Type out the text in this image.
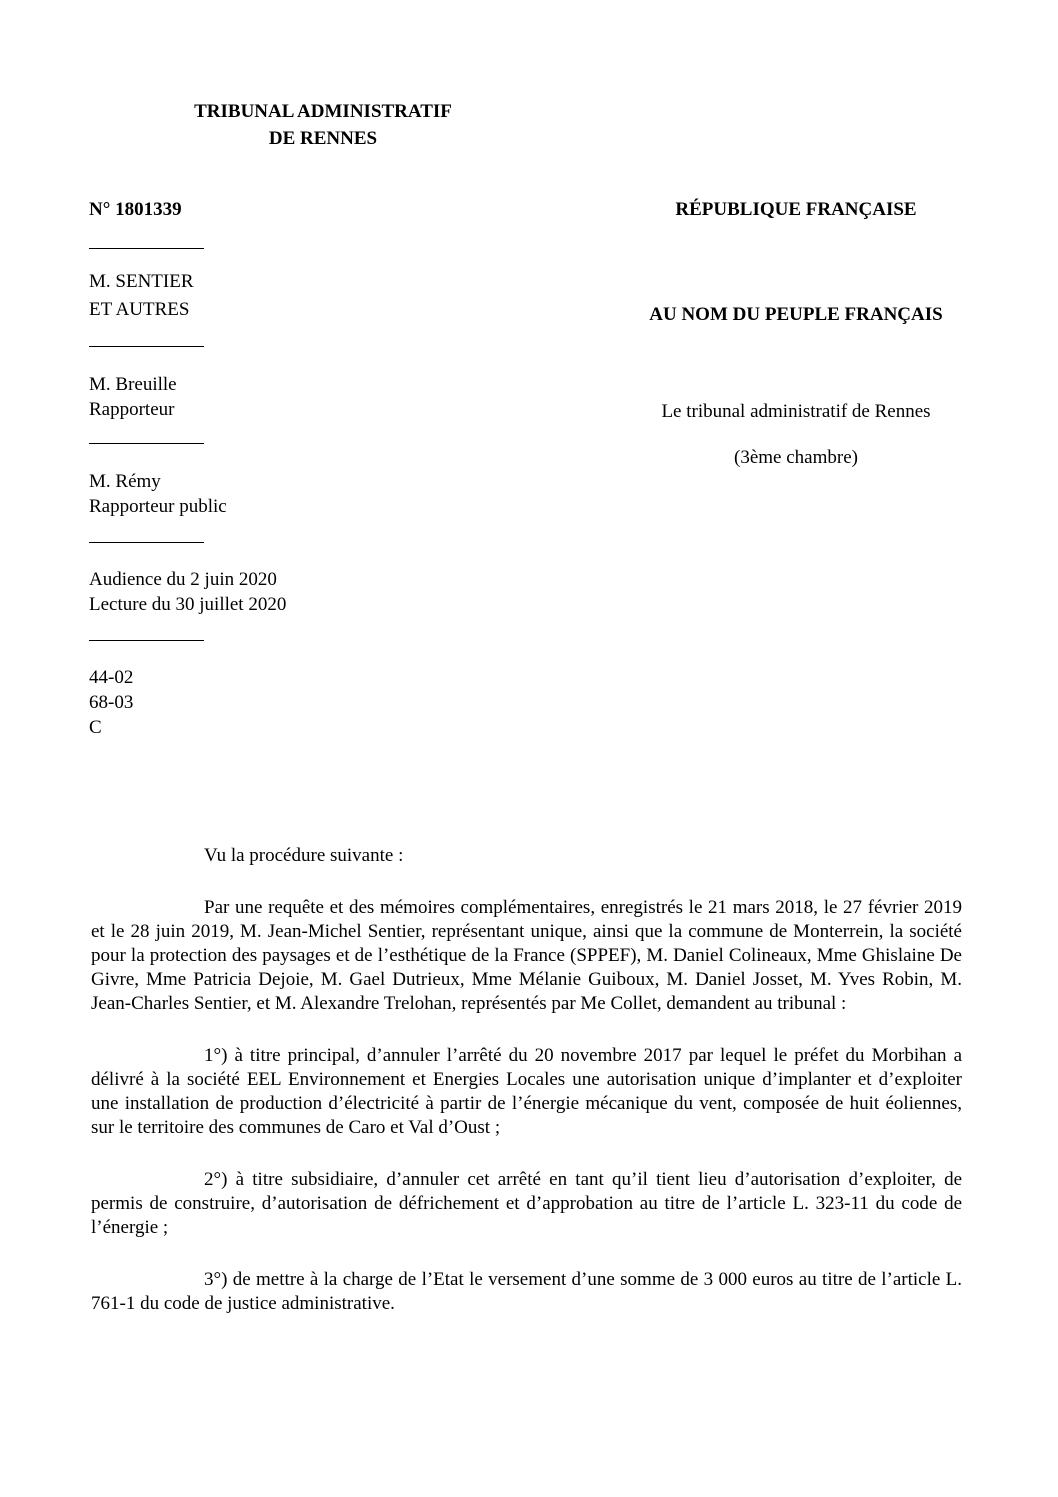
TRIBUNAL ADMINISTRATIF
DE RENNES
N° 1801339
M. SENTIER
ET AUTRES
M. Breuille
Rapporteur
M. Rémy
Rapporteur public
Audience du 2 juin 2020
Lecture du 30 juillet 2020
44-02
68-03
C
RÉPUBLIQUE FRANÇAISE
AU NOM DU PEUPLE FRANÇAIS
Le tribunal administratif de Rennes
(3ème chambre)

Vu la procédure suivante :

Par une requête et des mémoires complémentaires, enregistrés le 21 mars 2018, le 27 février 2019 et le 28 juin 2019, M. Jean-Michel Sentier, représentant unique, ainsi que la commune de Monterrein, la société pour la protection des paysages et de l’esthétique de la France (SPPEF), M. Daniel Colineaux, Mme Ghislaine De Givre, Mme Patricia Dejoie, M. Gael Dutrieux, Mme Mélanie Guiboux, M. Daniel Josset, M. Yves Robin, M. Jean-Charles Sentier, et M. Alexandre Trelohan, représentés par Me Collet, demandent au tribunal :

1°) à titre principal, d’annuler l’arrêté du 20 novembre 2017 par lequel le préfet du Morbihan a délivré à la société EEL Environnement et Energies Locales une autorisation unique d’implanter et d’exploiter une installation de production d’électricité à partir de l’énergie mécanique du vent, composée de huit éoliennes, sur le territoire des communes de Caro et Val d’Oust ;

2°) à titre subsidiaire, d’annuler cet arrêté en tant qu’il tient lieu d’autorisation d’exploiter, de permis de construire, d’autorisation de défrichement et d’approbation au titre de l’article L. 323-11 du code de l’énergie ;

3°) de mettre à la charge de l’Etat le versement d’une somme de 3 000 euros au titre de l’article L. 761-1 du code de justice administrative.
